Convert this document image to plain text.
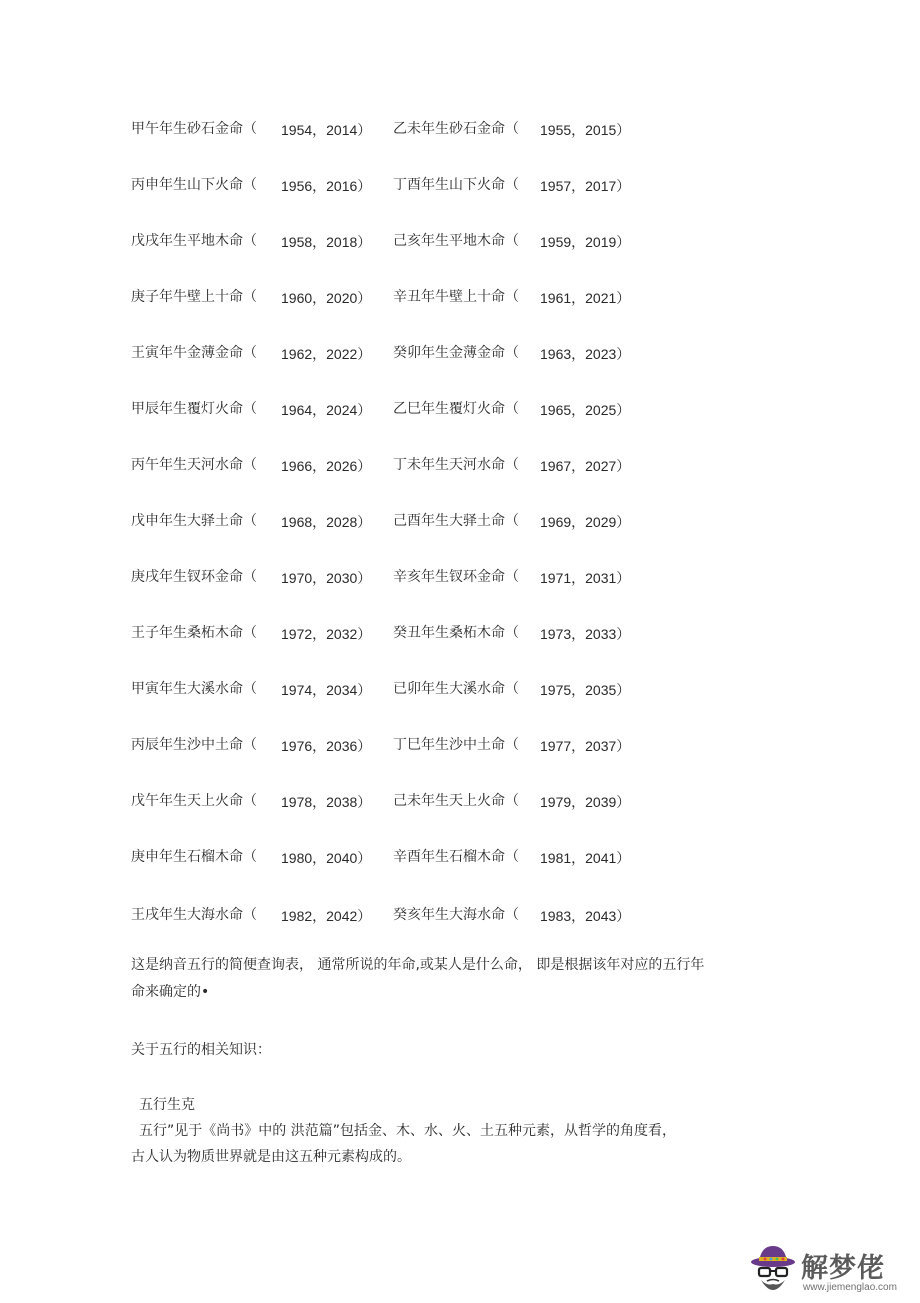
甲午年生砂石金命（ 1954，2014） 乙未年生砂石金命（ 1955，2015）
丙申年生山下火命（ 1956，2016） 丁酉年生山下火命（ 1957，2017）
戊戌年生平地木命（ 1958，2018） 己亥年生平地木命（ 1959，2019）
庚子年牛壁上十命（ 1960，2020） 辛丑年牛壁上十命（ 1961，2021）
王寅年牛金薄金命（ 1962，2022） 癸卯年生金薄金命（ 1963，2023）
甲辰年生覆灯火命（ 1964，2024） 乙巳年生覆灯火命（ 1965，2025）
丙午年生天河水命（ 1966，2026） 丁未年生天河水命（ 1967，2027）
戊申年生大驿土命（ 1968，2028） 己酉年生大驿土命（ 1969，2029）
庚戌年生钗环金命（ 1970，2030） 辛亥年生钗环金命（ 1971，2031）
王子年生桑柘木命（ 1972，2032） 癸丑年生桑柘木命（ 1973，2033）
甲寅年生大溪水命（ 1974，2034） 已卯年生大溪水命（ 1975，2035）
丙辰年生沙中土命（ 1976，2036） 丁巳年生沙中土命（ 1977，2037）
戊午年生天上火命（ 1978，2038） 己未年生天上火命（ 1979，2039）
庚申年生石榴木命（ 1980，2040） 辛酉年生石榴木命（ 1981，2041）
王戌年生大海水命（ 1982，2042） 癸亥年生大海水命（ 1983，2043）
这是纳音五行的简便查询表， 通常所说的年命,或某人是什么命， 即是根据该年对应的五行年
命来确定的•
关于五行的相关知识：
五行生克
五行”见于《尚书》中的 洪范篇”包括金、木、水、火、土五种元素，从哲学的角度看，
古人认为物质世界就是由这五种元素构成的。
解梦佬
www.jiemenglao.com
